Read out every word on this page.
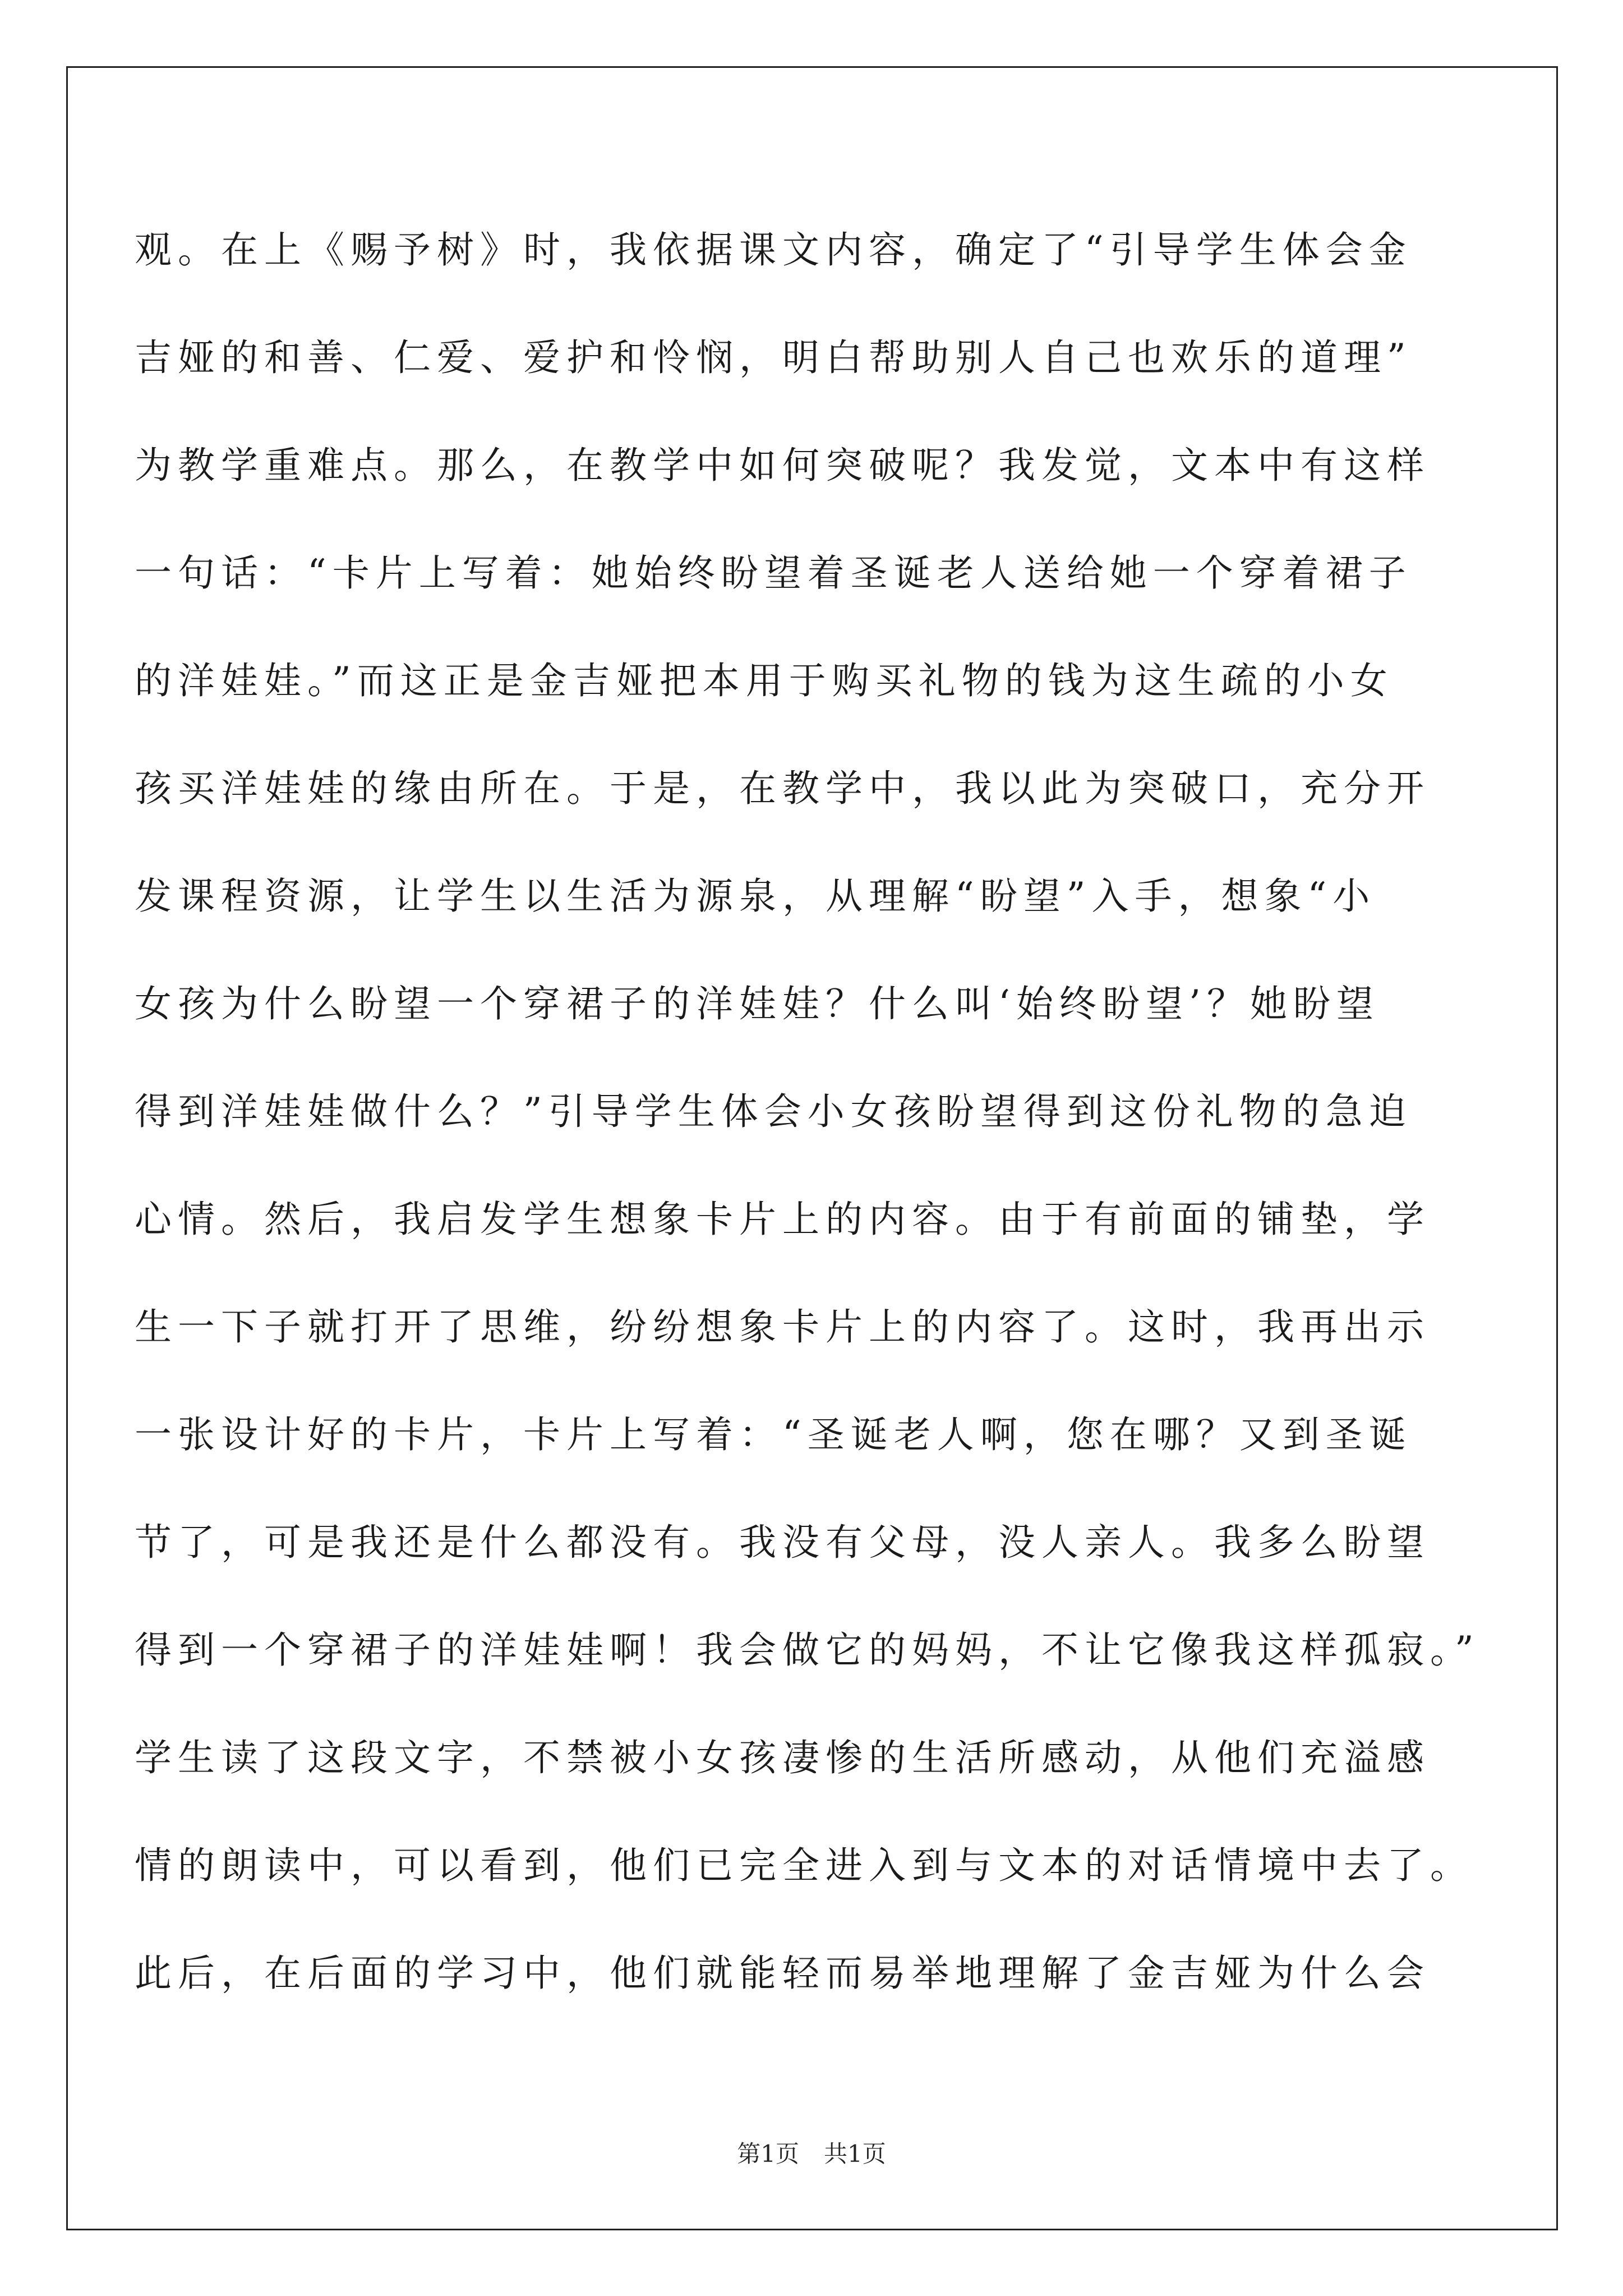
观。在上《赐予树》时，我依据课文内容，确定了“引导学生体会金
吉娅的和善、仁爱、爱护和怜悯，明白帮助别人自己也欢乐的道理”
为教学重难点。那么，在教学中如何突破呢？我发觉，文本中有这样
一句话：“卡片上写着：她始终盼望着圣诞老人送给她一个穿着裙子
的洋娃娃。”而这正是金吉娅把本用于购买礼物的钱为这生疏的小女
孩买洋娃娃的缘由所在。于是，在教学中，我以此为突破口，充分开
发课程资源，让学生以生活为源泉，从理解“盼望”入手，想象“小
女孩为什么盼望一个穿裙子的洋娃娃？什么叫‘始终盼望’？她盼望
得到洋娃娃做什么？”引导学生体会小女孩盼望得到这份礼物的急迫
心情。然后，我启发学生想象卡片上的内容。由于有前面的铺垫，学
生一下子就打开了思维，纷纷想象卡片上的内容了。这时，我再出示
一张设计好的卡片，卡片上写着：“圣诞老人啊，您在哪？又到圣诞
节了，可是我还是什么都没有。我没有父母，没人亲人。我多么盼望
得到一个穿裙子的洋娃娃啊！我会做它的妈妈，不让它像我这样孤寂。”
学生读了这段文字，不禁被小女孩凄惨的生活所感动，从他们充溢感
情的朗读中，可以看到，他们已完全进入到与文本的对话情境中去了。
此后，在后面的学习中，他们就能轻而易举地理解了金吉娅为什么会
第1页 共1页
